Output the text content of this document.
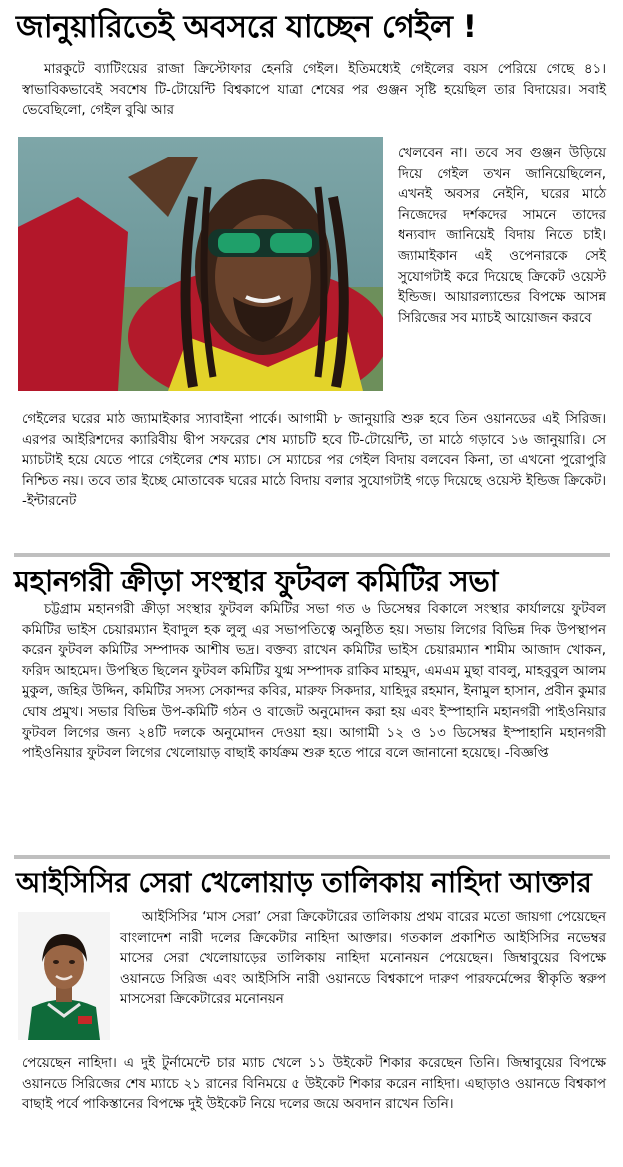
জানুয়ারিতেই অবসরে যাচ্ছেন গেইল !

মারকুটে ব্যাটিংয়ের রাজা ক্রিস্টোফার হেনরি গেইল। ইতিমধ্যেই গেইলের বয়স পেরিয়ে গেছে ৪১। স্বাভাবিকভাবেই সবশেষ টি-টোয়েন্টি বিশ্বকাপে যাত্রা শেষের পর গুঞ্জন সৃষ্টি হয়েছিল তার বিদায়ের। সবাই ভেবেছিলো, গেইল বুঝি আর

খেলবেন না। তবে সব গুঞ্জন উড়িয়ে দিয়ে গেইল তখন জানিয়েছিলেন, এখনই অবসর নেইনি, ঘরের মাঠে নিজেদের দর্শকদের সামনে তাদের ধন্যবাদ জানিয়েই বিদায় নিতে চাই। জ্যামাইকান এই ওপেনারকে সেই সুযোগটাই করে দিয়েছে ক্রিকেট ওয়েস্ট ইন্ডিজ। আয়ারল্যান্ডের বিপক্ষে আসন্ন সিরিজের সব ম্যাচই আয়োজন করবে
গেইলের ঘরের মাঠ জ্যামাইকার স্যাবাইনা পার্কে। আগামী ৮ জানুয়ারি শুরু হবে তিন ওয়ানডের এই সিরিজ। এরপর আইরিশদের ক্যারিবীয় দ্বীপ সফরের শেষ ম্যাচটি হবে টি-টোয়েন্টি, তা মাঠে গড়াবে ১৬ জানুয়ারি। সে ম্যাচটাই হয়ে যেতে পারে গেইলের শেষ ম্যাচ। সে ম্যাচের পর গেইল বিদায় বলবেন কিনা, তা এখনো পুরোপুরি নিশ্চিত নয়। তবে তার ইচ্ছে মোতাবেক ঘরের মাঠে বিদায় বলার সুযোগটাই গড়ে দিয়েছে ওয়েস্ট ইন্ডিজ ক্রিকেট। -ইন্টারনেট
মহানগরী ক্রীড়া সংস্থার ফুটবল কমিটির সভা

চট্টগ্রাম মহানগরী ক্রীড়া সংস্থার ফুটবল কমিটির সভা গত ৬ ডিসেম্বর বিকালে সংস্থার কার্যালয়ে ফুটবল কমিটির ভাইস চেয়ারম্যান ইবাদুল হক লুলু এর সভাপতিত্বে অনুষ্ঠিত হয়। সভায় লিগের বিভিন্ন দিক উপস্থাপন করেন ফুটবল কমিটির সম্পাদক আশীষ ভদ্র। বক্তব্য রাখেন কমিটির ভাইস চেয়ারম্যান শামীম আজাদ খোকন, ফরিদ আহমেদ। উপস্থিত ছিলেন ফুটবল কমিটির যুগ্ম সম্পাদক রাকিব মাহমুদ, এমএম মুছা বাবলু, মাহবুবুল আলম মুকুল, জহির উদ্দিন, কমিটির সদস্য সেকান্দর কবির, মারুফ সিকদার, যাহিদুর রহমান, ইনামুল হাসান, প্রবীন কুমার ঘোষ প্রমুখ। সভার বিভিন্ন উপ-কমিটি গঠন ও বাজেট অনুমোদন করা হয় এবং ইস্পাহানি মহানগরী পাইওনিয়ার ফুটবল লিগের জন্য ২৪টি দলকে অনুমোদন দেওয়া হয়। আগামী ১২ ও ১৩ ডিসেম্বর ইস্পাহানি মহানগরী পাইওনিয়ার ফুটবল লিগের খেলোয়াড় বাছাই কার্যক্রম শুরু হতে পারে বলে জানানো হয়েছে। -বিজ্ঞপ্তি

আইসিসির সেরা খেলোয়াড় তালিকায় নাহিদা আক্তার
আইসিসির ‘মাস সেরা’ সেরা ক্রিকেটারের তালিকায় প্রথম বারের মতো জায়গা পেয়েছেন বাংলাদেশ নারী দলের ক্রিকেটার নাহিদা আক্তার। গতকাল প্রকাশিত আইসিসির নভেম্বর মাসের সেরা খেলোয়াড়ের তালিকায় নাহিদা মনোনয়ন পেয়েছেন। জিম্বাবুয়ের বিপক্ষে ওয়ানডে সিরিজ এবং আইসিসি নারী ওয়ানডে বিশ্বকাপে দারুণ পারফর্মেন্সের স্বীকৃতি স্বরুপ মাসসেরা ক্রিকেটারের মনোনয়ন
পেয়েছেন নাহিদা। এ দুই টুর্নামেন্টে চার ম্যাচ খেলে ১১ উইকেট শিকার করেছেন তিনি। জিম্বাবুয়ের বিপক্ষে ওয়ানডে সিরিজের শেষ ম্যাচে ২১ রানের বিনিময়ে ৫ উইকেট শিকার করেন নাহিদা। এছাড়াও ওয়ানডে বিশ্বকাপ বাছাই পর্বে পাকিস্তানের বিপক্ষে দুই উইকেট নিয়ে দলের জয়ে অবদান রাখেন তিনি।
